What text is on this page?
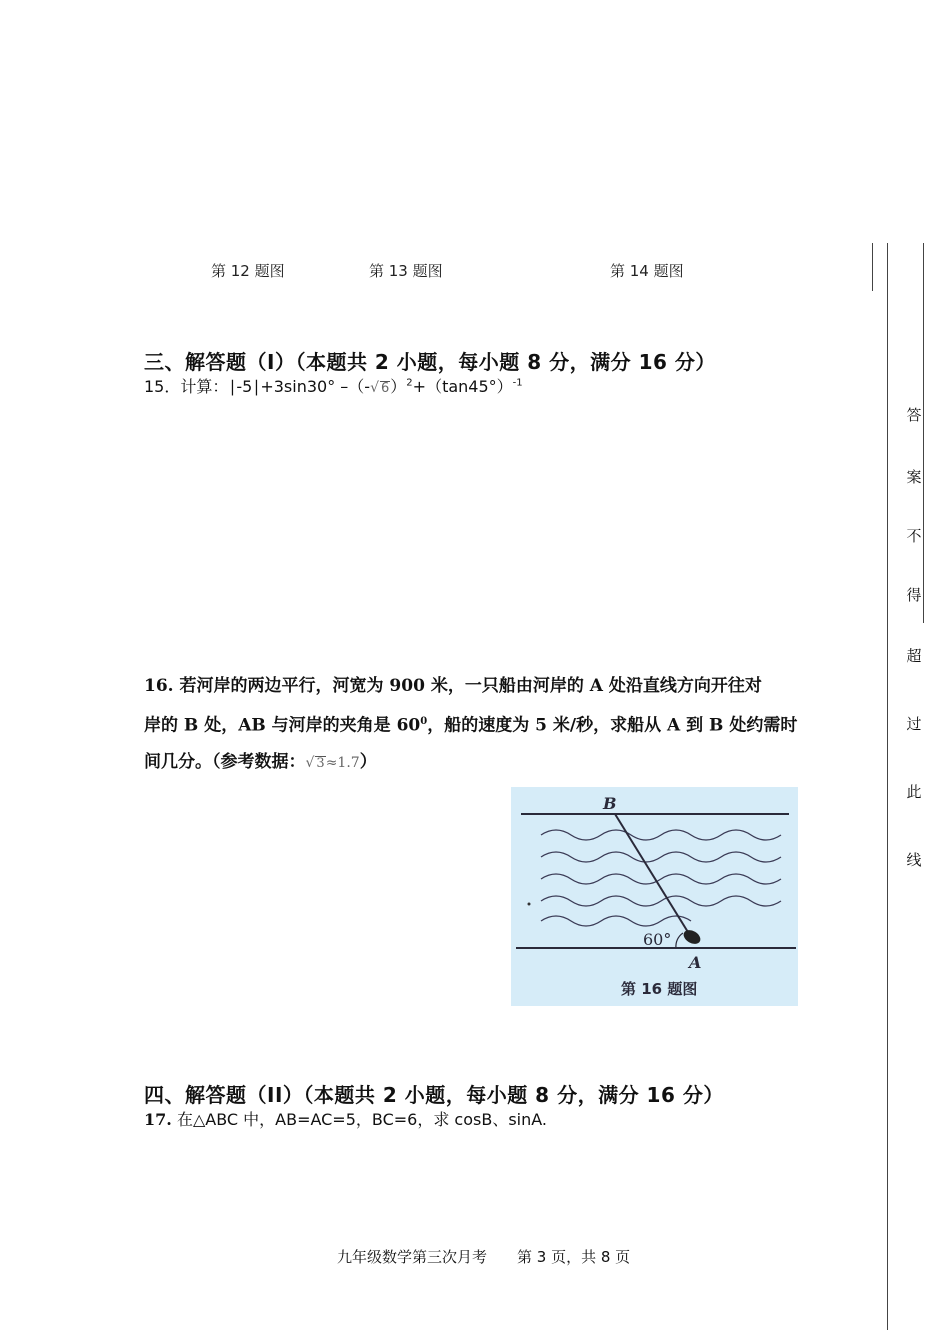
第 12 题图	第 13 题图	第 14 题图
三、解答题（I）（本题共 2 小题，每小题 8 分，满分 16 分）
15．计算：∣-5∣+3sin30° –（-√ $6)^2+(\tan 45^\circ)^{-1}$
16. 若河岸的两边平行，河宽为 900 米，一只船由河岸的 A 处沿直线方向开往对
岸的 B 处，AB 与河岸的夹角是 $60^0$，船的速度为 5 米/秒，求船从 A 到 B 处约需时
间几分。（参考数据：√ 3≈1.7）
B
60°
A
第 16 题图
四、解答题（II）（本题共 2 小题，每小题 8 分，满分 16 分）
17. 在△ABC 中，AB=AC=5，BC=6，求 cosB、sinA.
九年级数学第三次月考　　第 3 页，共 8 页
答
案
不
得
超
过
此
线
